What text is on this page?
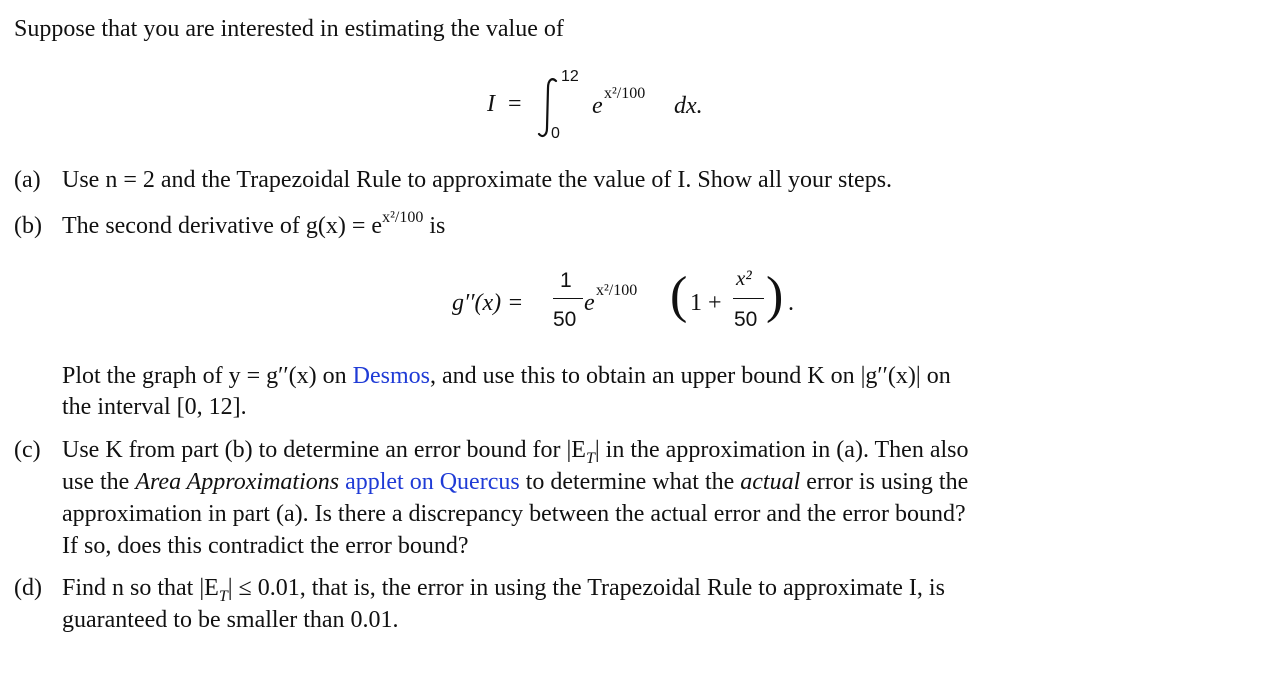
Suppose that you are interested in estimating the value of
I =
12
0
e x²/100 dx.
(a) Use n = 2 and the Trapezoidal Rule to approximate the value of I. Show all your steps.
(b) The second derivative of $g(x) = e^{x^2/100}$ is
g′′(x) =
1
50
e x²/100 ( 1 +
x²
50 ) .
Plot the graph of y = g′′(x) on Desmos, and use this to obtain an upper bound K on |g′′(x)| on
the interval [0, 12].
(c) Use K from part (b) to determine an error bound for $|E_T|$ in the approximation in (a). Then also
use the Area Approximations applet on Quercus to determine what the actual error is using the
approximation in part (a). Is there a discrepancy between the actual error and the error bound?
If so, does this contradict the error bound?
(d) Find n so that $|E_T| \le 0.01$, that is, the error in using the Trapezoidal Rule to approximate I, is
guaranteed to be smaller than 0.01.
